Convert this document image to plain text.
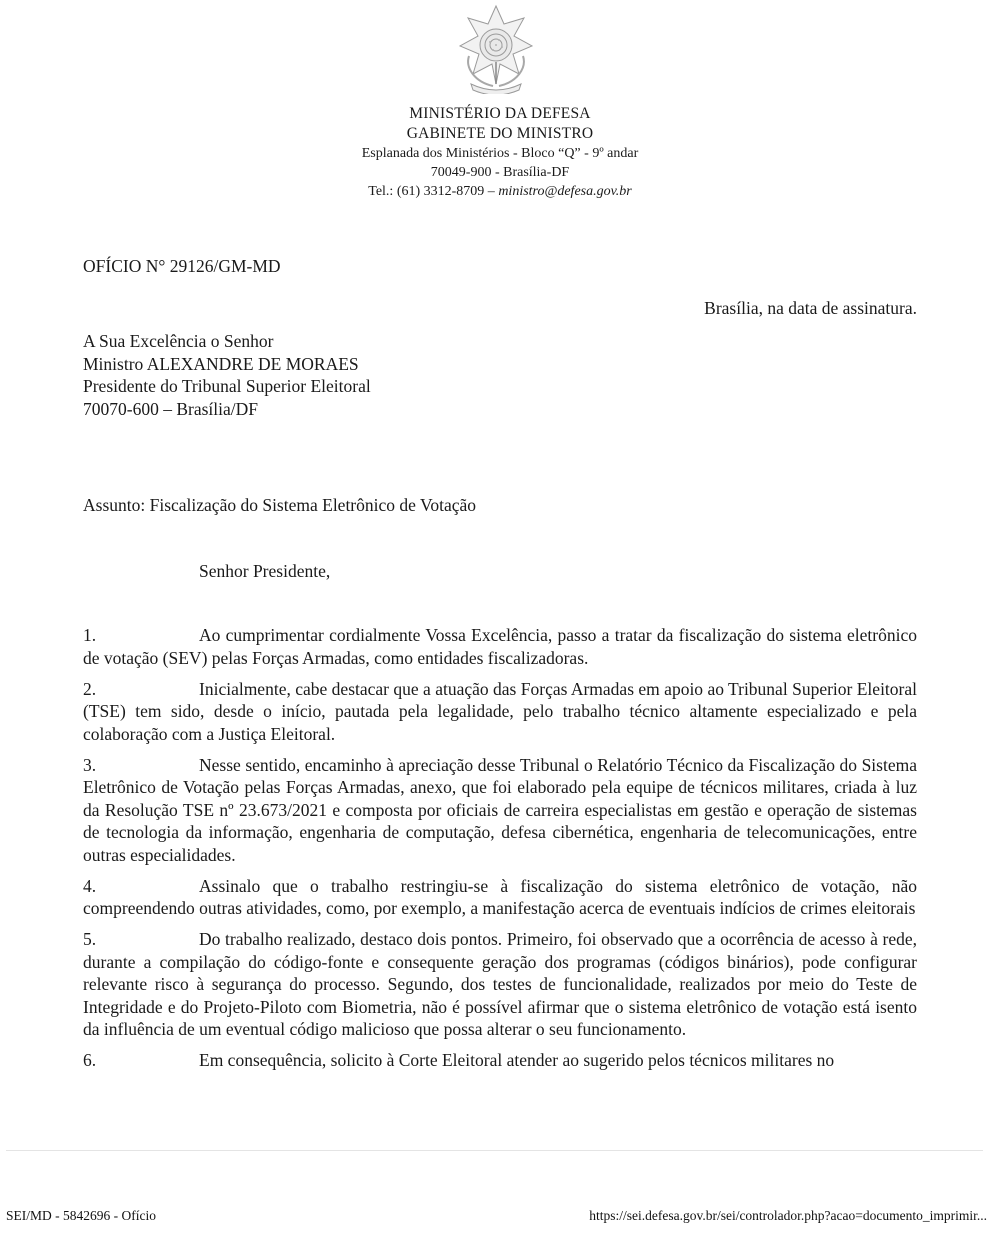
MINISTÉRIO DA DEFESA
GABINETE DO MINISTRO
Esplanada dos Ministérios - Bloco “Q” - 9º andar
70049-900 - Brasília-DF
Tel.: (61) 3312-8709 – ministro@defesa.gov.br
OFÍCIO N° 29126/GM-MD
Brasília, na data de assinatura.
A Sua Excelência o Senhor
Ministro ALEXANDRE DE MORAES
Presidente do Tribunal Superior Eleitoral
70070-600 – Brasília/DF
Assunto: Fiscalização do Sistema Eletrônico de Votação
Senhor Presidente,

1.	Ao cumprimentar cordialmente Vossa Excelência, passo a tratar da fiscalização do sistema eletrônico de votação (SEV) pelas Forças Armadas, como entidades fiscalizadoras.

2.	Inicialmente, cabe destacar que a atuação das Forças Armadas em apoio ao Tribunal Superior Eleitoral (TSE) tem sido, desde o início, pautada pela legalidade, pelo trabalho técnico altamente especializado e pela colaboração com a Justiça Eleitoral.

3.	Nesse sentido, encaminho à apreciação desse Tribunal o Relatório Técnico da Fiscalização do Sistema Eletrônico de Votação pelas Forças Armadas, anexo, que foi elaborado pela equipe de técnicos militares, criada à luz da Resolução TSE nº 23.673/2021 e composta por oficiais de carreira especialistas em gestão e operação de sistemas de tecnologia da informação, engenharia de computação, defesa cibernética, engenharia de telecomunicações, entre outras especialidades.

4.	Assinalo que o trabalho restringiu-se à fiscalização do sistema eletrônico de votação, não compreendendo outras atividades, como, por exemplo, a manifestação acerca de eventuais indícios de crimes eleitorais

5.	Do trabalho realizado, destaco dois pontos. Primeiro, foi observado que a ocorrência de acesso à rede, durante a compilação do código-fonte e consequente geração dos programas (códigos binários), pode configurar relevante risco à segurança do processo. Segundo, dos testes de funcionalidade, realizados por meio do Teste de Integridade e do Projeto-Piloto com Biometria, não é possível afirmar que o sistema eletrônico de votação está isento da influência de um eventual código malicioso que possa alterar o seu funcionamento.

6.	Em consequência, solicito à Corte Eleitoral atender ao sugerido pelos técnicos militares no

SEI/MD - 5842696 - Ofício	https://sei.defesa.gov.br/sei/controlador.php?acao=documento_imprimir...
